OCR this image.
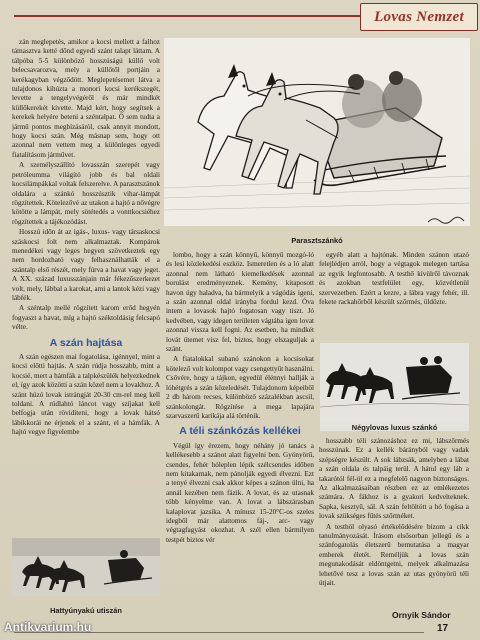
Lovas Nemzet
Parasztszánkó

zán meglepetés, amikor a kocsi mellett a falhoz támasztva ketté dőnd egyedi szánt talapt láttam. A tálpóba 5-5 különböző hosszúságú küllő volt belecsavarozva, mely a küllőtől portjáin a kerékagyban végződött. Meglepetésemet látva a tulajdonos kihúzta a monori kocsi kerékszegét, levette a tengelyvégéről és már mindkét küllőkerekét kivette. Majd kért, hogy segítsek a kerekek helyére beteni a széntalpat. Ő sem tudta a jármű pontos megbízásáról, csak annyit mondott, hogy kocsi szán. Még másnap sem, hogy ott azonnal nem vettem meg a különleges egyedi fiatalításom járművet.

A személyszállító lovasszán szerepét vagy petróleumma világító jobb és bal oldali kocsilámpákkal voltak felszerelve. A parasztszánok oldalára a szánkó hosszúsztik vihar-lámpát rögzítettek. Kötelezővé az utakon a hajtó a nővégre kötötte a lámpát, mely sötétedés a vonttkocsiéhez rögzítettek a tájékozódást.

Hosszú időn át az igás-, luxus- vagy társaskocsi száskocsi folt nem alkalmaztak. Kompárok menedékei vagy leges hegyen szövetkeztek egy nem hordozható vagy felhasználhatták el a szántalp első részét, mely fúrva a havat vagy jeget. A XX. század luxusszánjain már fékezőszerkezet volt, mely, lábbal a karokat, ami a lantok kézi vagy lábfék.

A széntalp mellé rögzített karom erőd hegyén fogyaszt a havat, míg a hajtó széktoldásig felcsapó vélte.

A szán hajtása

A szán egészen mai fogatolása, igénnyel, mint a kocsi előtti hajtás. A szán rúdja hosszabb, mint a kocsié, mert a hámfák a talpkészülék helyezkednek el, így azok közötti a szán közel nem a lovakhoz. A szánt húzó lovak istrángját 20-30 cm-rel meg kell toldani. A rúdlahtó láncot vagy szíjakat kell belfogja után rövidíteni, hogy a lovak hátsó lábikkorái ne érjenek el a szánt, el a hámfák. A hajtó vegye figyelembe

lombo, hogy a szán könnyű, könnyű mozgó-ló és lesi közlekedési eszköz. Ismeretlen és a ló alatt azonnal nem látható kiemelkedések azonnal borulást eredményeznek. Kemény, kitaposott havon úgy haladva, ha bármelyik a vágódás igeni, a szán azonnal oldal irányba fordul kezd. Óva intem a lovasok hajtó fogatosan vagy tiszt. Jó kedvében, vagy idegen területen vágtába igen lovat azonnal vissza kell fogni. Az esetben, ha mindkét lovát ütemet visz fel, biztos, hogy elszaguljak a szánt.

A fiatalokkal subanó szánokon a kocsisokat kötelező volt kolompot vagy csengettyűt használni. Csővére, hogy a tájkon, egyedül élénnyi hallják a lóhétgrés a szán közeledését. Tulajdonom képeiből 2 db három recses, különböző százalékban ascsil, szánkolongát. Rögzítése a mega lapajára szarvaszerű karikája alá történik.

A téli szánkózás kellékei

Végül így érezem, hogy néhány jó tanács a kellékesebb a szánot alatt figyelni ben. Gyönyörű, csendes, fehér hóleplen lépik szélcsendes időben nem kitakarnak, nem pánolják egyedi élvezni. Ezt a tenyé élvezni csak akkor képes a szánon ülni, ha annál kezében nem fázik. A lovat, és az utasnak több kényelme van. A lovat a lábszárasban kalaplovat jazsika. A mínusz 15-20°C-os szeles idegből már alattomos fáj-, arc- vagy végtagfagyást okozhat. A szél ellen bármilyen testpét biztos vér

egyéb alatt a hajtónak. Minden szánon utazó felejlédjen arról, hogy a végtagok melegen tartása az egyik legfontosabb. A testhő kívülről távoznak és azokban testfelület egy, közvétlenül szervezetben. Ezért a kezre, a lábra vagy fehér, ill. fekete rackahőrből készült szőrmés, üldözte.

Négylovas luxus szánkó

hosszabb téli szánozáshoz ez mi, lábszőrmés hosszúnak. Ez a kellék bárányból vagy vadak szépségre készült. A sok lábzsák, amelyben a lábat a szán oldala és talpáig terül. A hátul egy láb a takarótól fél-ül ez a megfelelő nagyon biztonságos. Az alkalmazásaiban részben ez az emlékezetes számára. A fákhoz is a gyakori kedvelteknek. Sapka, kesztyű, sál. A szán feltöltött a hó fogása a lovak szükséges fűtés szőrméket.

A testhöl olyasó értékelődésére bizom a cikk tanulmányozását. Írásom elsősorban jellegű és a szánfogatolás életszerű bemutatása a magyar emberek életét. Reméljük a lovas szán megunakodását eldöntgetni, melyek alkalmazása lehetővé tesz a lovas szán az utas gyönyörű téli útjait.

Hattyúnyakú utiszán	Ornyik Sándor
17
Antikvarium.hu
